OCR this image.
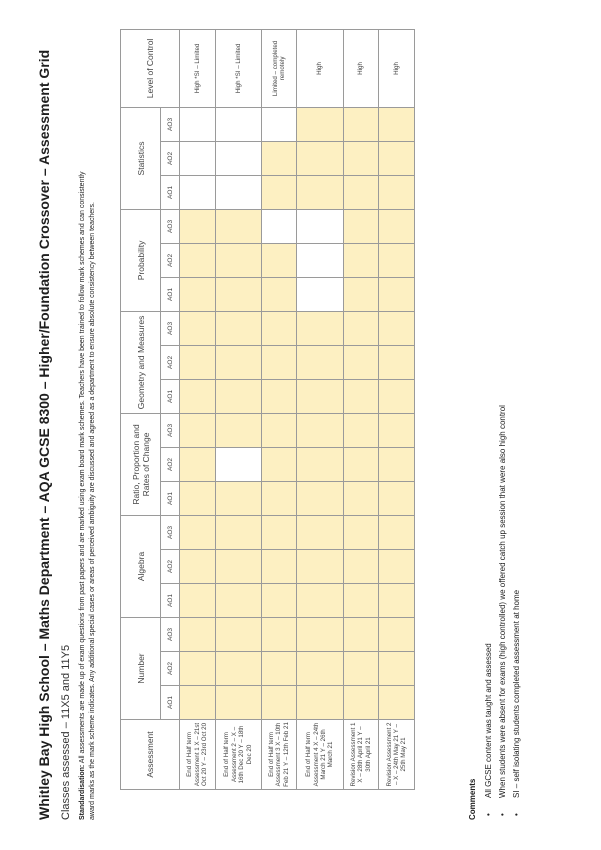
Whitley Bay High School – Maths Department – AQA GCSE 8300 – Higher/Foundation Crossover – Assessment Grid Classes assessed – 11X5 and 11Y5 Standardisation: All assessments are made up of exam questions from past papers and are marked using exam board mark schemes. Teachers have been trained to follow mark schemes and can consistently award marks as the mark scheme indicates. Any additional special cases or areas of perceived ambiguity are discussed and agreed as a department to ensure absolute consistency between teachers.	Assessment	Number			Algebra			Ratio, Proportion and Rates of Change			Geometry and Measures			Probability			Statistics			Level of Control
	AO1	AO2	AO3	AO1	AO2	AO3	AO1	AO2	AO3	AO1	AO2	AO3	AO1	AO2	AO3	AO1	AO2	AO3	
End of Half term Assessment 1 X – 21st Oct 20 Y – 23rd Oct 20																			High *SI – Limited
End of Half term Assessment 2 – X – 16th Dec 20 Y – 18th Dec 20																			High *SI – Limited
End of Half term Assessment 3 X – 10th Feb 21 Y – 12th Feb 21																			Limited – completed remotely
End of Half term Assessment 4 X – 24th March 21 Y – 26th March 21																			High
Revision Assessment 1 X – 28th April 21 Y – 30th April 21																			High
Revision Assessment 2 – X – 24th May 21 Y – 25th May 21																			High
Comments
• All GCSE content was taught and assessed • When students were absent for exams (high controlled) we offered catch up session that were also high control • SI – self isolating students completed assessment at home
